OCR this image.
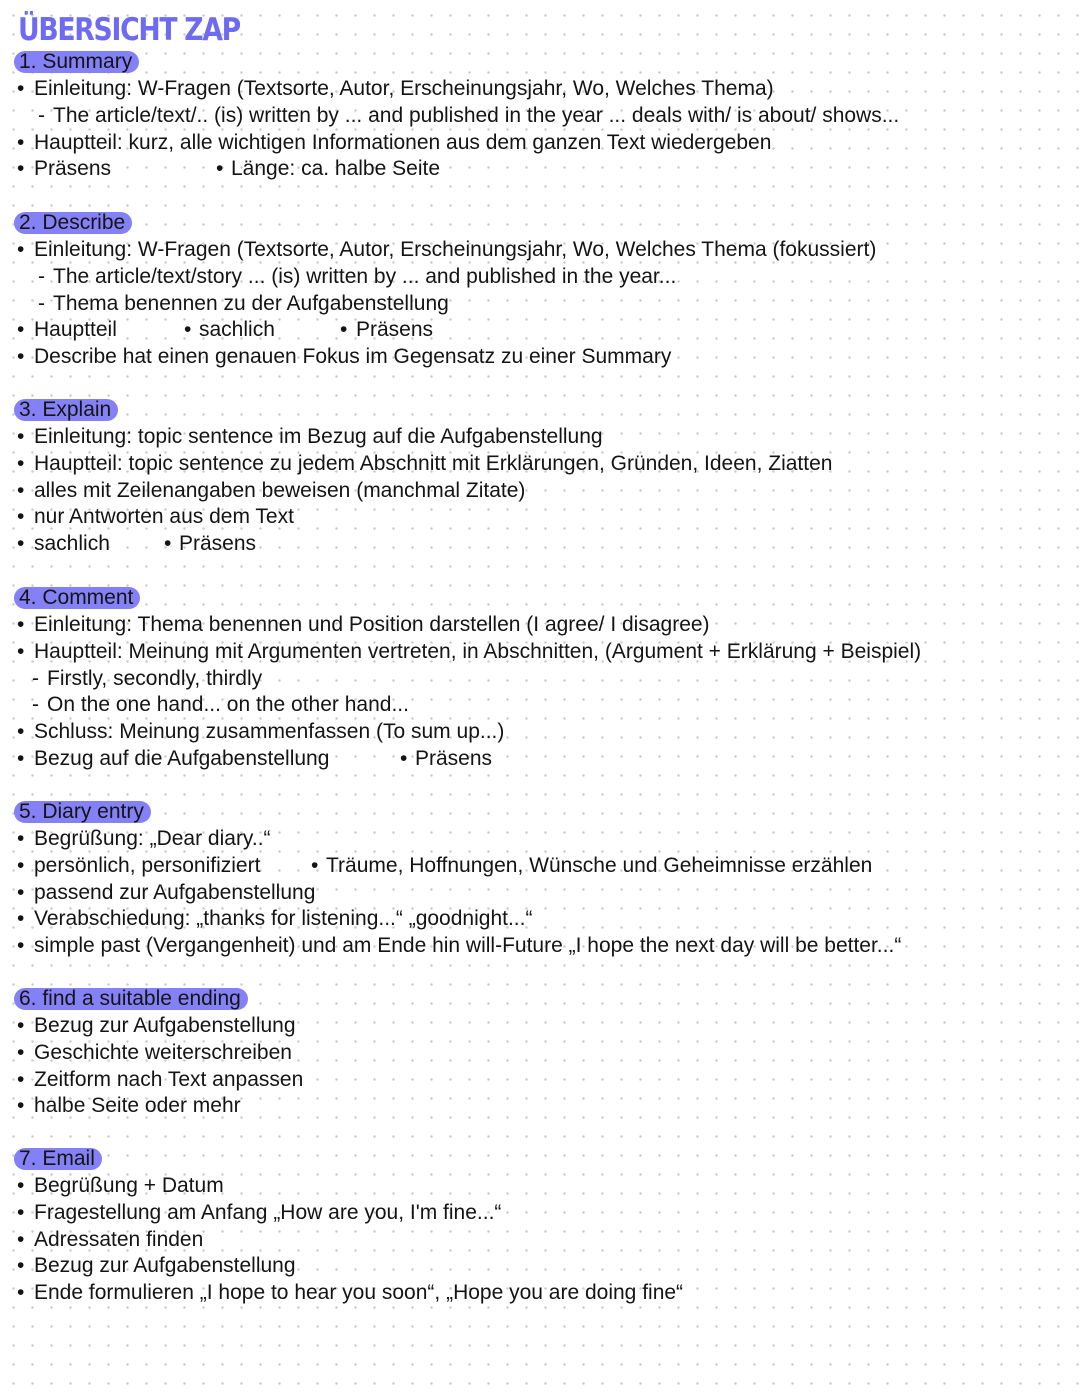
ÜBERSICHT ZAP
1. Summary
• Einleitung: W-Fragen (Textsorte, Autor, Erscheinungsjahr, Wo, Welches Thema)
- The article/text/.. (is) written by ... and published in the year ... deals with/ is about/ shows...
• Hauptteil: kurz, alle wichtigen Informationen aus dem ganzen Text wiedergeben
• Präsens	• Länge: ca. halbe Seite
2. Describe
• Einleitung: W-Fragen (Textsorte, Autor, Erscheinungsjahr, Wo, Welches Thema (fokussiert)
- The article/text/story ... (is) written by ... and published in the year...
- Thema benennen zu der Aufgabenstellung
• Hauptteil	• sachlich	• Präsens
• Describe hat einen genauen Fokus im Gegensatz zu einer Summary
3. Explain
• Einleitung: topic sentence im Bezug auf die Aufgabenstellung
• Hauptteil: topic sentence zu jedem Abschnitt mit Erklärungen, Gründen, Ideen, Ziatten
• alles mit Zeilenangaben beweisen (manchmal Zitate)
• nur Antworten aus dem Text
• sachlich	• Präsens
4. Comment
• Einleitung: Thema benennen und Position darstellen (I agree/ I disagree)
• Hauptteil: Meinung mit Argumenten vertreten, in Abschnitten, (Argument + Erklärung + Beispiel)
- Firstly, secondly, thirdly
- On the one hand... on the other hand...
• Schluss: Meinung zusammenfassen (To sum up...)
• Bezug auf die Aufgabenstellung	• Präsens
5. Diary entry
• Begrüßung: „Dear diary..“
• persönlich, personifiziert • Träume, Hoffnungen, Wünsche und Geheimnisse erzählen
• passend zur Aufgabenstellung
• Verabschiedung: „thanks for listening...“ „goodnight...“
• simple past (Vergangenheit) und am Ende hin will-Future „I hope the next day will be better...“
6. find a suitable ending
• Bezug zur Aufgabenstellung
• Geschichte weiterschreiben
• Zeitform nach Text anpassen
• halbe Seite oder mehr
7. Email
• Begrüßung + Datum
• Fragestellung am Anfang „How are you, I'm fine...“
• Adressaten finden
• Bezug zur Aufgabenstellung
• Ende formulieren „I hope to hear you soon“, „Hope you are doing fine“
